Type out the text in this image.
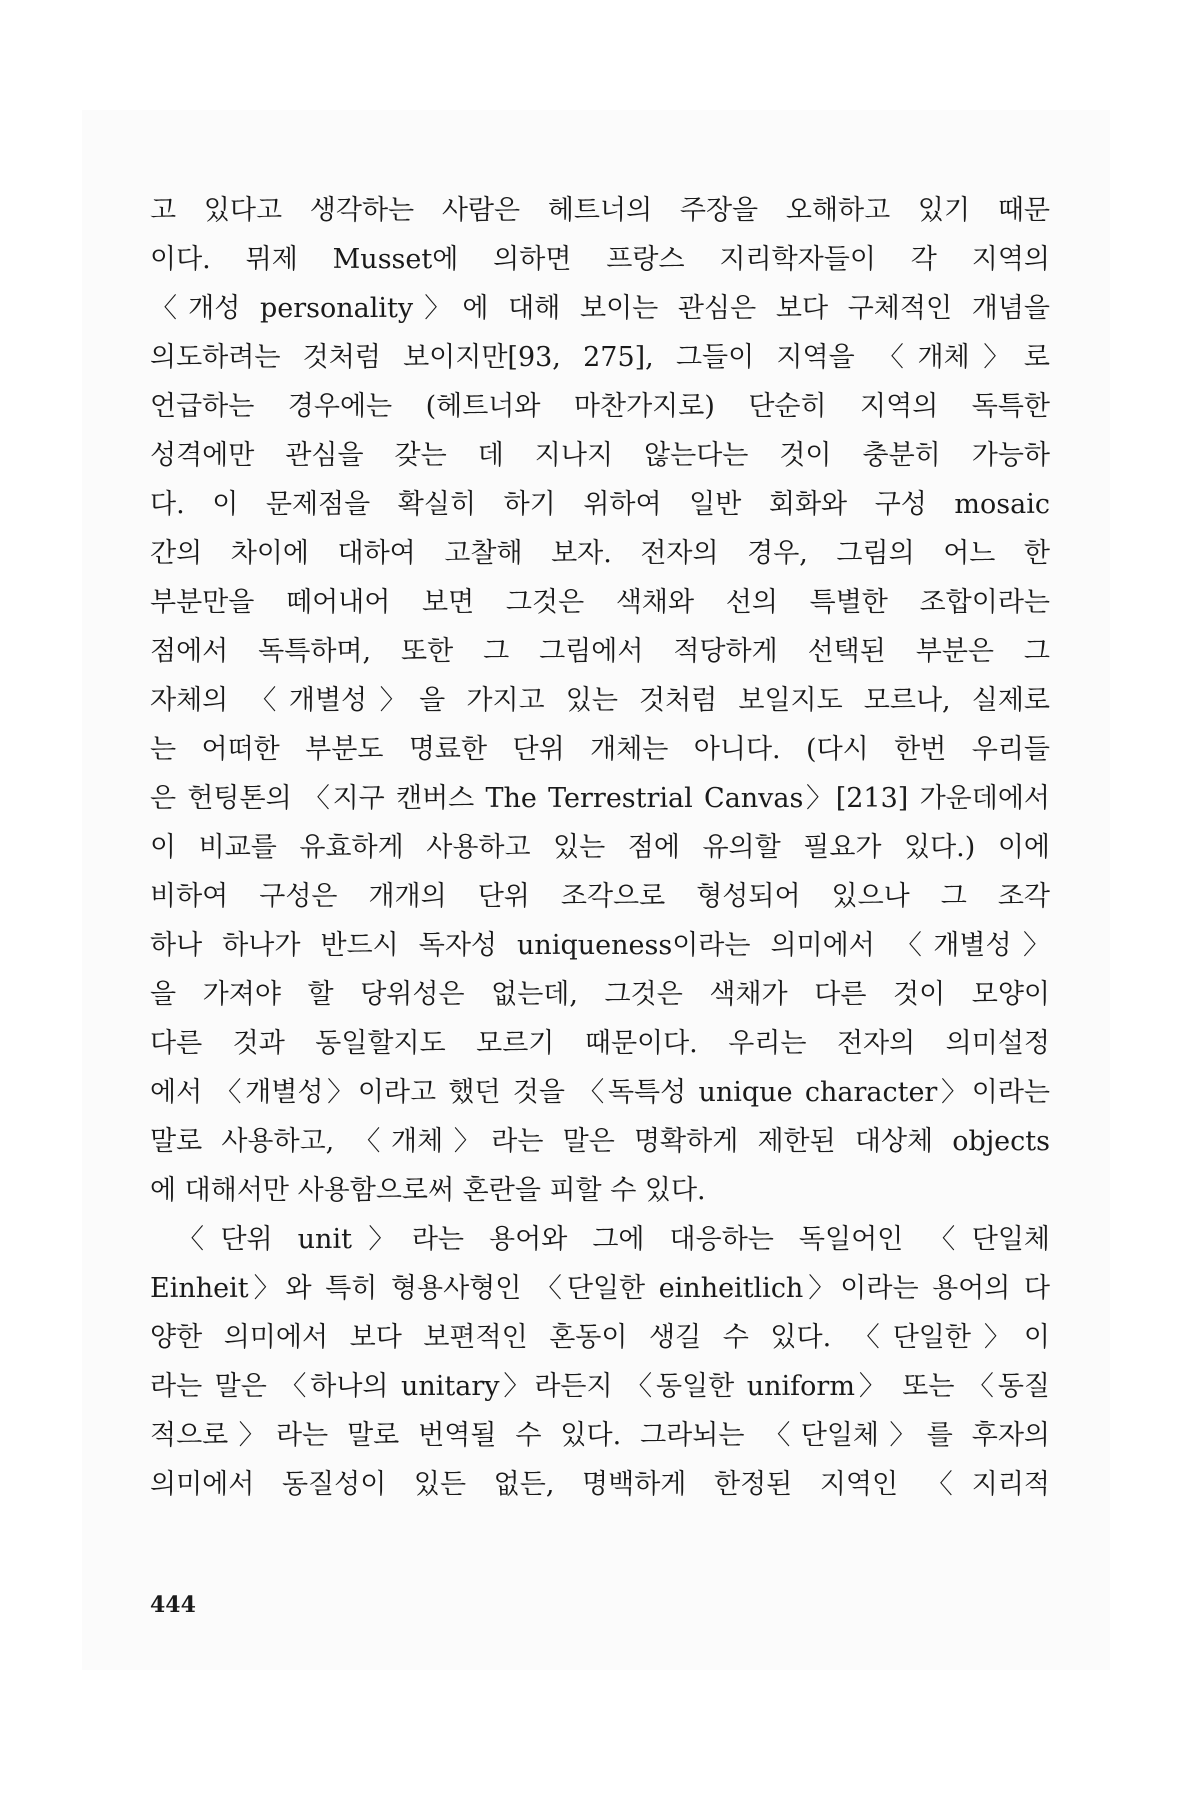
고 있다고 생각하는 사람은 헤트너의 주장을 오해하고 있기 때문
이다. 뮈제 Musset에 의하면 프랑스 지리학자들이 각 지역의
〈개성 personality〉에 대해 보이는 관심은 보다 구체적인 개념을
의도하려는 것처럼 보이지만[93, 275], 그들이 지역을 〈개체〉로
언급하는 경우에는 (헤트너와 마찬가지로) 단순히 지역의 독특한
성격에만 관심을 갖는 데 지나지 않는다는 것이 충분히 가능하
다. 이 문제점을 확실히 하기 위하여 일반 회화와 구성 mosaic
간의 차이에 대하여 고찰해 보자. 전자의 경우, 그림의 어느 한
부분만을 떼어내어 보면 그것은 색채와 선의 특별한 조합이라는
점에서 독특하며, 또한 그 그림에서 적당하게 선택된 부분은 그
자체의 〈개별성〉을 가지고 있는 것처럼 보일지도 모르나, 실제로
는 어떠한 부분도 명료한 단위 개체는 아니다. (다시 한번 우리들
은 헌팅톤의 〈지구 캔버스 The Terrestrial Canvas〉[213] 가운데에서
이 비교를 유효하게 사용하고 있는 점에 유의할 필요가 있다.) 이에
비하여 구성은 개개의 단위 조각으로 형성되어 있으나 그 조각
하나 하나가 반드시 독자성 uniqueness이라는 의미에서 〈개별성〉
을 가져야 할 당위성은 없는데, 그것은 색채가 다른 것이 모양이
다른 것과 동일할지도 모르기 때문이다. 우리는 전자의 의미설정
에서 〈개별성〉이라고 했던 것을 〈독특성 unique character〉이라는
말로 사용하고, 〈개체〉라는 말은 명확하게 제한된 대상체 objects
에 대해서만 사용함으로써 혼란을 피할 수 있다.
〈단위 unit〉라는 용어와 그에 대응하는 독일어인 〈단일체
Einheit〉와 특히 형용사형인 〈단일한 einheitlich〉이라는 용어의 다
양한 의미에서 보다 보편적인 혼동이 생길 수 있다. 〈단일한〉이
라는 말은 〈하나의 unitary〉라든지 〈동일한 uniform〉 또는 〈동질
적으로〉라는 말로 번역될 수 있다. 그라뇌는 〈단일체〉를 후자의
의미에서 동질성이 있든 없든, 명백하게 한정된 지역인 〈지리적
444
